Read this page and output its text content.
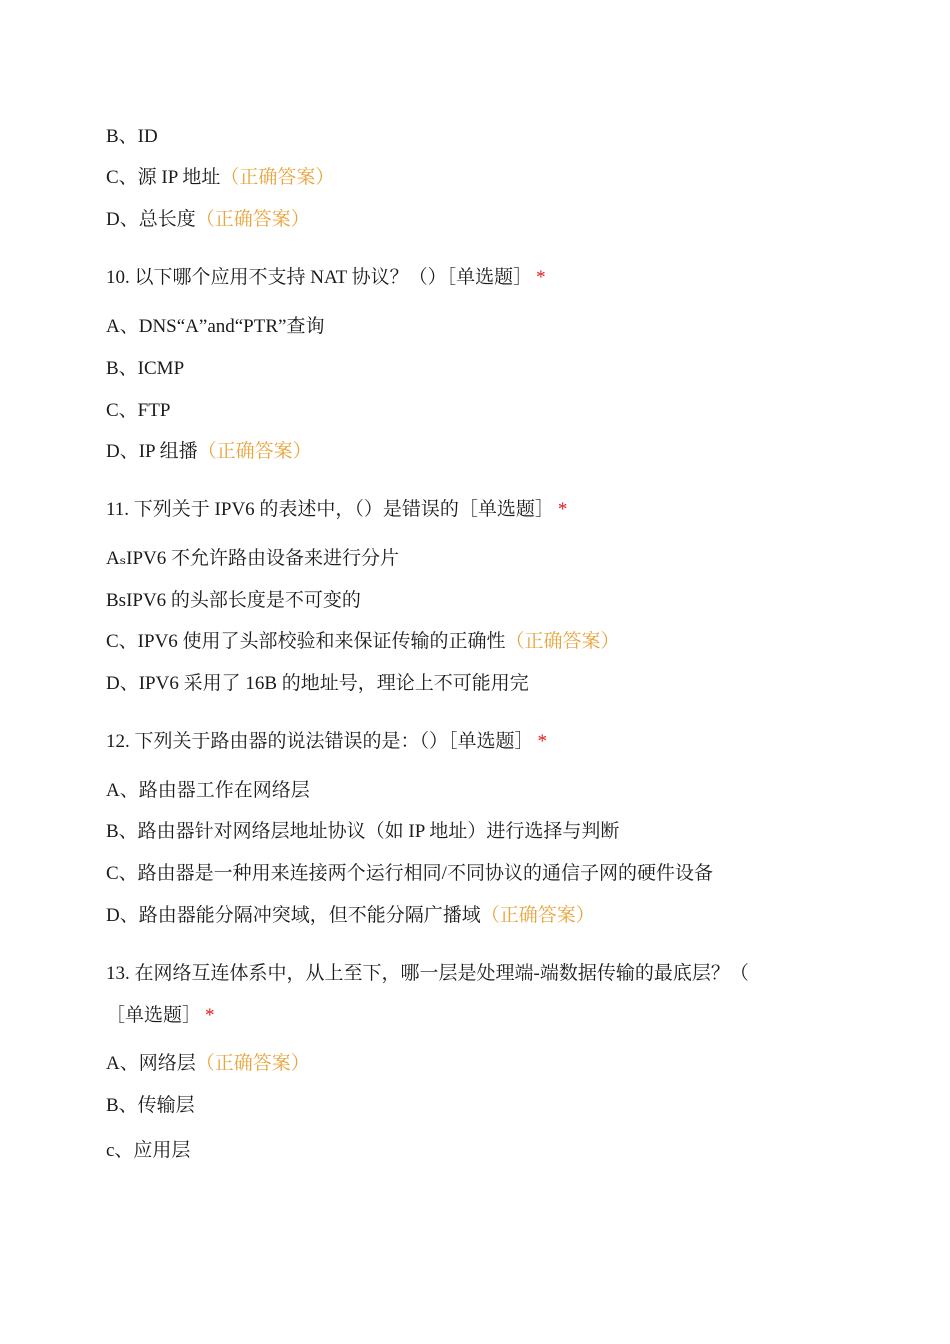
B、ID
C、源 IP 地址（正确答案）
D、总长度（正确答案）
10. 以下哪个应用不支持 NAT 协议？（）［单选题］ *
A、DNS“A”and“PTR”查询
B、ICMP
C、FTP
D、IP 组播（正确答案）
11. 下列关于 IPV6 的表述中，（）是错误的［单选题］ *
AₛIPV6 不允许路由设备来进行分片
BsIPV6 的头部长度是不可变的
C、IPV6 使用了头部校验和来保证传输的正确性（正确答案）
D、IPV6 采用了 16B 的地址号，理论上不可能用完
12. 下列关于路由器的说法错误的是：（）［单选题］ *
A、路由器工作在网络层
B、路由器针对网络层地址协议（如 IP 地址）进行选择与判断
C、路由器是一种用来连接两个运行相同/不同协议的通信子网的硬件设备
D、路由器能分隔冲突域，但不能分隔广播域（正确答案）
13. 在网络互连体系中，从上至下，哪一层是处理端-端数据传输的最底层？（
［单选题］ *
A、网络层（正确答案）
B、传输层
c、应用层
